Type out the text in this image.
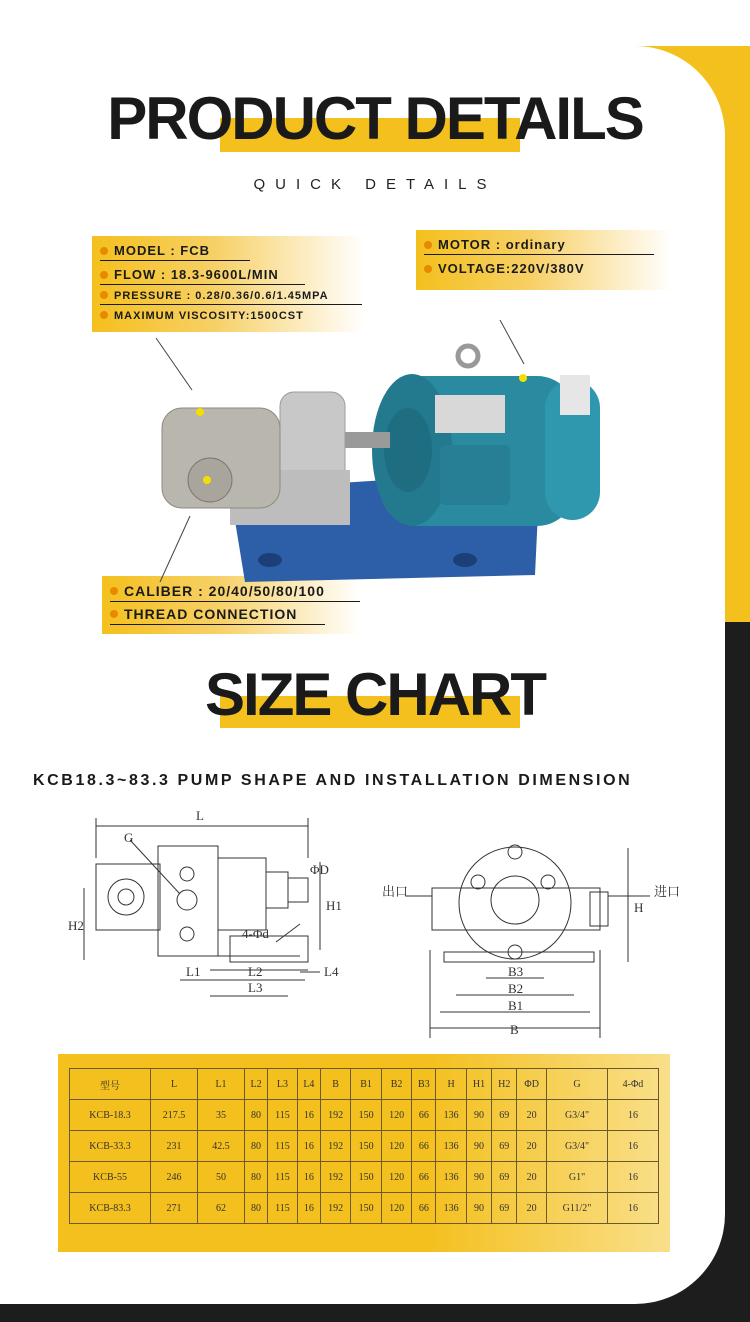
PRODUCT DETAILS
QUICK DETAILS
MODEL : FCB
FLOW : 18.3-9600L/MIN
PRESSURE : 0.28/0.36/0.6/1.45MPA
MAXIMUM VISCOSITY:1500CST
MOTOR : ordinary
VOLTAGE:220V/380V
CALIBER : 20/40/50/80/100
THREAD CONNECTION
SIZE CHART
KCB18.3~83.3 PUMP SHAPE AND INSTALLATION DIMENSION
L
G
ΦD
H1
H2
4-Φd
L1	L2
L3
L4
出口	进口
H
B3
B2
B1
B
型号	L	L1	L2	L3	L4	B	B1	B2	B3	H	H1	H2	ΦD	G	4-Φd
KCB-18.3	217.5	35	80	115	16	192	150	120	66	136	90	69	20	G3/4"	16
KCB-33.3	231	42.5	80	115	16	192	150	120	66	136	90	69	20	G3/4"	16
KCB-55	246	50	80	115	16	192	150	120	66	136	90	69	20	G1"	16
KCB-83.3	271	62	80	115	16	192	150	120	66	136	90	69	20	G11/2"	16
